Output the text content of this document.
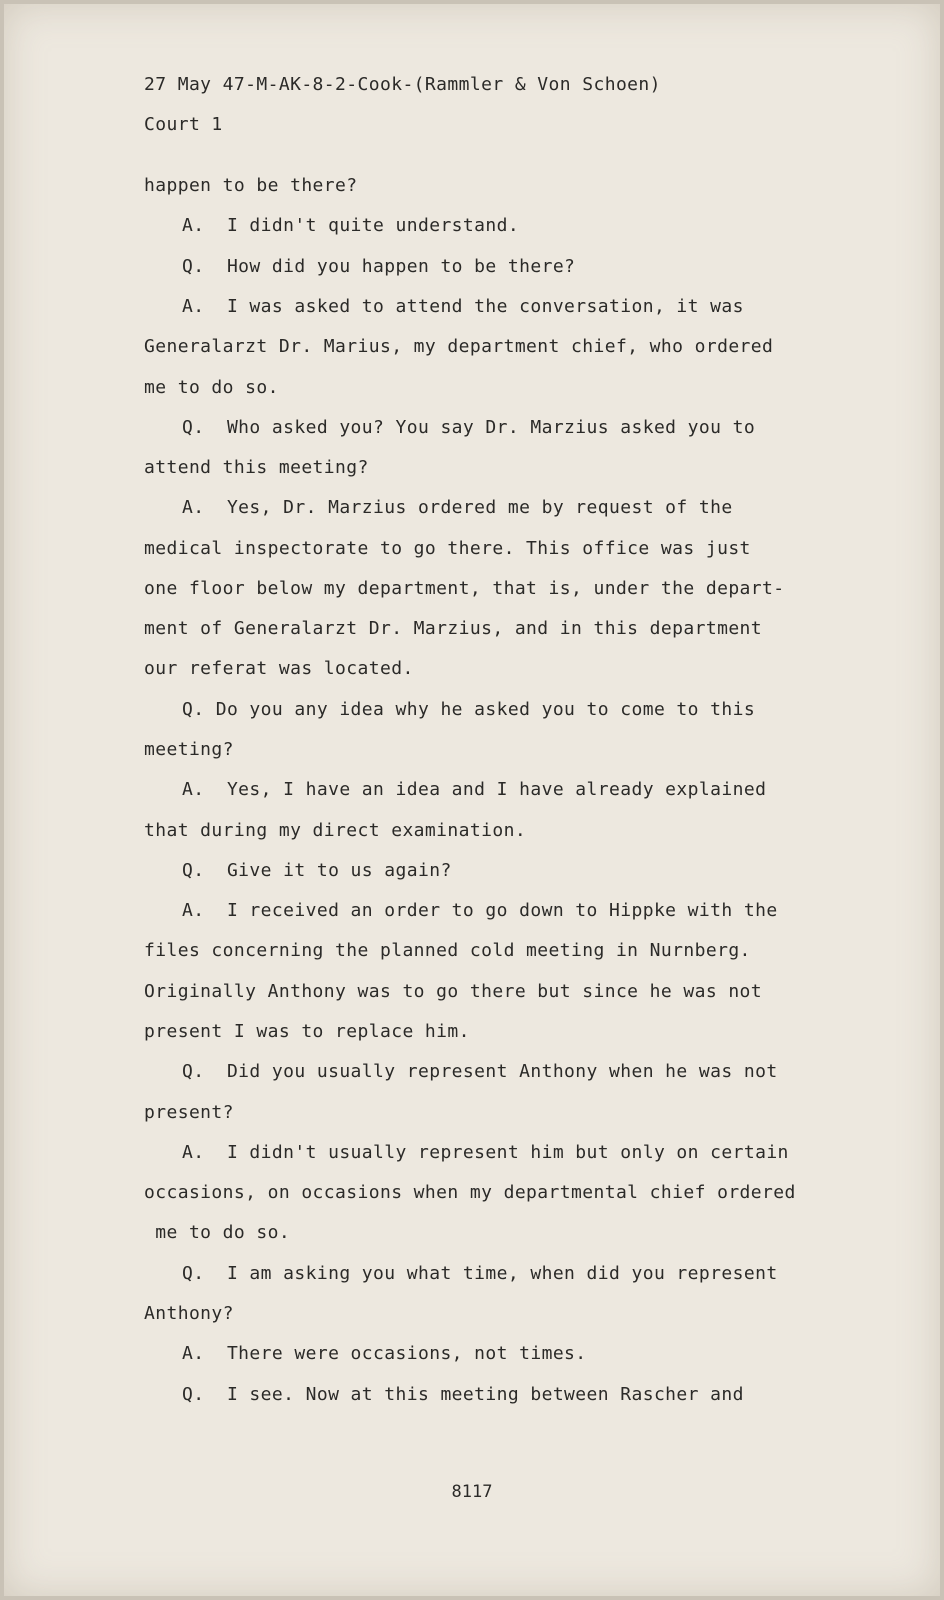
27 May 47-M-AK-8-2-Cook-(Rammler & Von Schoen)
Court 1
happen to be there?
A.  I didn't quite understand.
Q.  How did you happen to be there?
A.  I was asked to attend the conversation, it was
Generalarzt Dr. Marius, my department chief, who ordered
me to do so.
Q.  Who asked you? You say Dr. Marzius asked you to
attend this meeting?
A.  Yes, Dr. Marzius ordered me by request of the
medical inspectorate to go there. This office was just
one floor below my department, that is, under the depart-
ment of Generalarzt Dr. Marzius, and in this department
our referat was located.
Q. Do you any idea why he asked you to come to this
meeting?
A.  Yes, I have an idea and I have already explained
that during my direct examination.
Q.  Give it to us again?
A.  I received an order to go down to Hippke with the
files concerning the planned cold meeting in Nurnberg.
Originally Anthony was to go there but since he was not
present I was to replace him.
Q.  Did you usually represent Anthony when he was not
present?
A.  I didn't usually represent him but only on certain
occasions, on occasions when my departmental chief ordered
me to do so.
Q.  I am asking you what time, when did you represent
Anthony?
A.  There were occasions, not times.
Q.  I see. Now at this meeting between Rascher and
8117
